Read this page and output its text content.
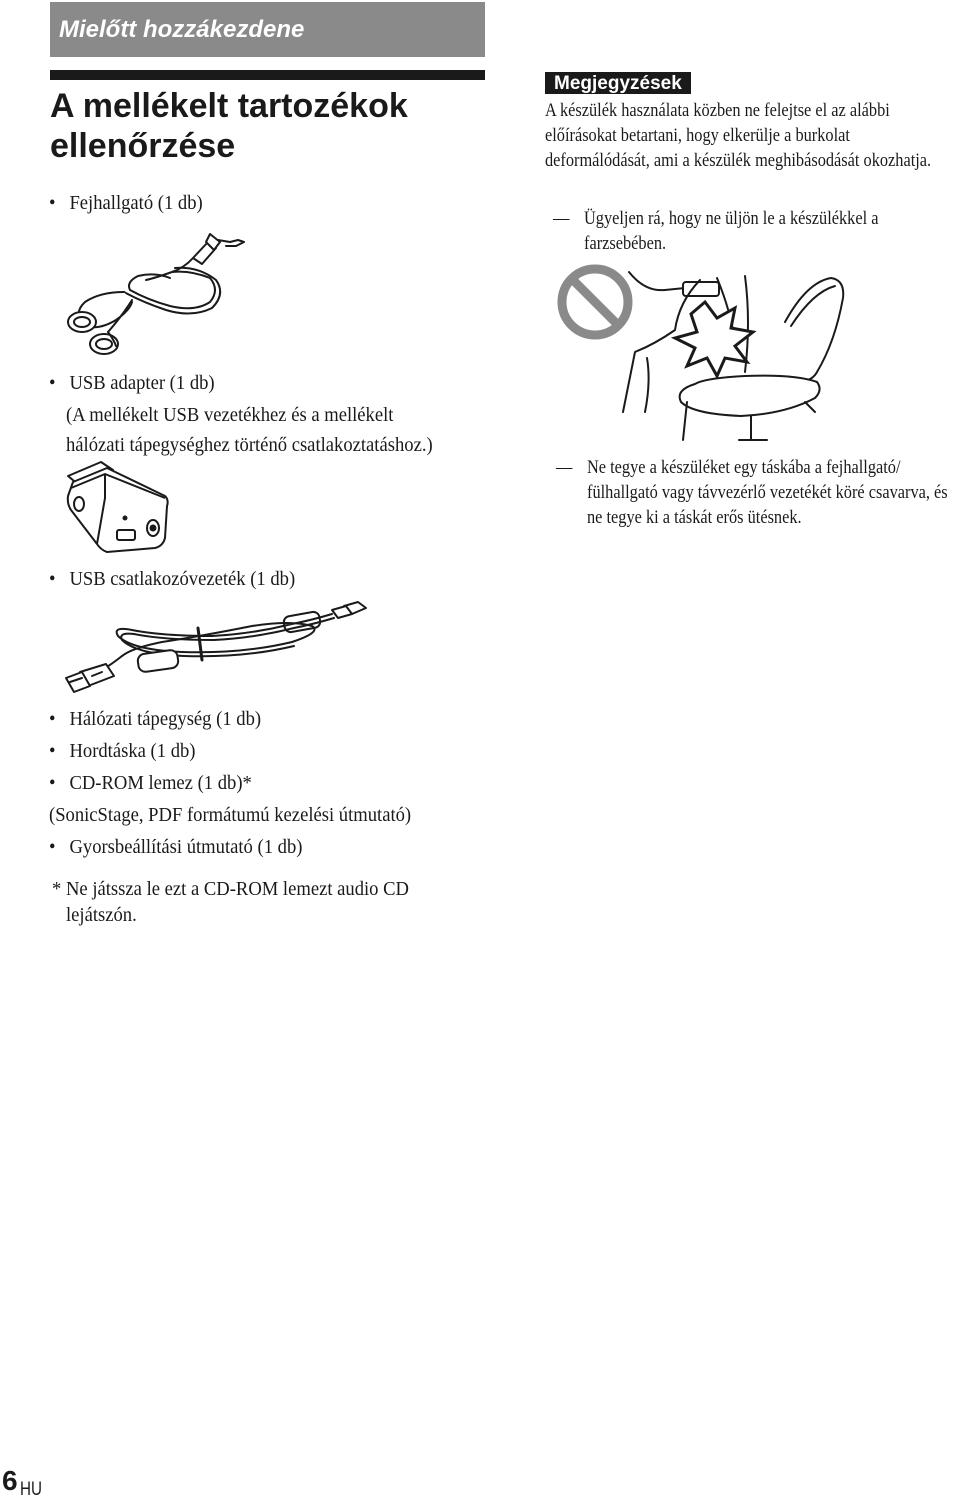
Mielőtt hozzákezdene
A mellékelt tartozékok
ellenőrzése
• Fejhallgató (1 db)
• USB adapter (1 db)
(A mellékelt USB vezetékhez és a mellékelt
hálózati tápegységhez történő csatlakoztatáshoz.)
• USB csatlakozóvezeték (1 db)
• Hálózati tápegység (1 db)
• Hordtáska (1 db)
• CD-ROM lemez (1 db)*
(SonicStage, PDF formátumú kezelési útmutató)
• Gyorsbeállítási útmutató (1 db)
* Ne játssza le ezt a CD-ROM lemezt audio CD lejátszón.
Megjegyzések
A készülék használata közben ne felejtse el az alábbi előírásokat betartani, hogy elkerülje a burkolat deformálódását, ami a készülék meghibásodását okozhatja.
— Ügyeljen rá, hogy ne üljön le a készülékkel a farzsebében.
— Ne tegye a készüléket egy táskába a fejhallgató/ fülhallgató vagy távvezérlő vezetékét köré csavarva, és ne tegye ki a táskát erős ütésnek.
6 HU
